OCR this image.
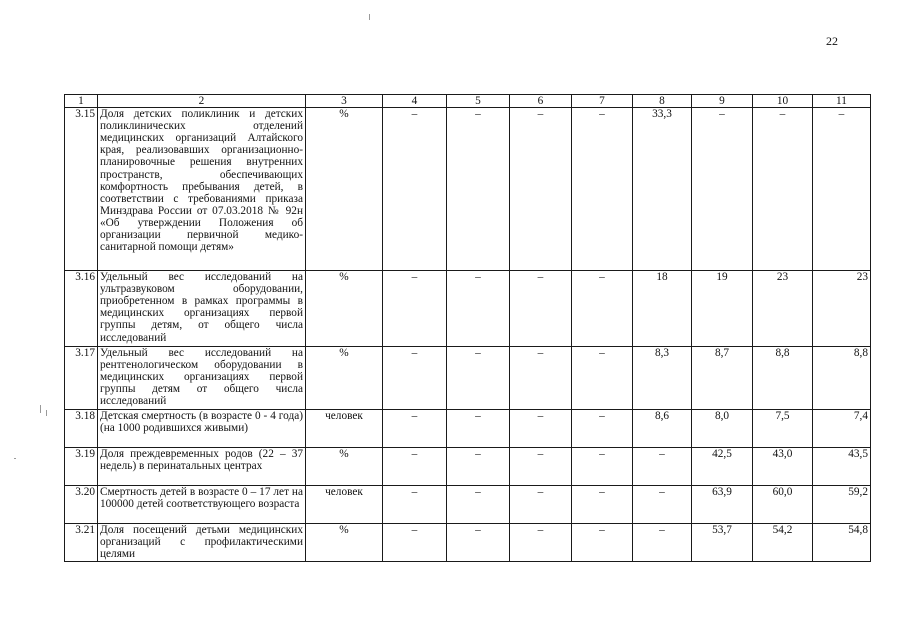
22
1	2	3	4	5	6	7	8	9	10	11
3.15	Доля детских поликлиник и детских поликлинических отделений медицинских организаций Алтайского края, реализовавших организационно-планировочные решения внутренних пространств, обеспечивающих комфортность пребывания детей, в соответствии с требованиями приказа Минздрава России от 07.03.2018 № 92н «Об утверждении Положения об организации первичной медико-санитарной помощи детям»	%	–	–	–	–	33,3	–	–	–
3.16	Удельный вес исследований на ультразвуковом оборудовании, приобретенном в рамках программы в медицинских организациях первой группы детям, от общего числа исследований	%	–	–	–	–	18	19	23	23
3.17	Удельный вес исследований на рентгенологическом оборудовании в медицинских организациях первой группы детям от общего числа исследований	%	–	–	–	–	8,3	8,7	8,8	8,8
3.18	Детская смертность (в возрасте 0 - 4 года) (на 1000 родившихся живыми)	человек	–	–	–	–	8,6	8,0	7,5	7,4
3.19	Доля преждевременных родов (22 – 37 недель) в перинатальных центрах	%	–	–	–	–	–	42,5	43,0	43,5
3.20	Смертность детей в возрасте 0 – 17 лет на 100000 детей соответствующего возраста	человек	–	–	–	–	–	63,9	60,0	59,2
3.21	Доля посещений детьми медицинских организаций с профилактическими целями	%	–	–	–	–	–	53,7	54,2	54,8
